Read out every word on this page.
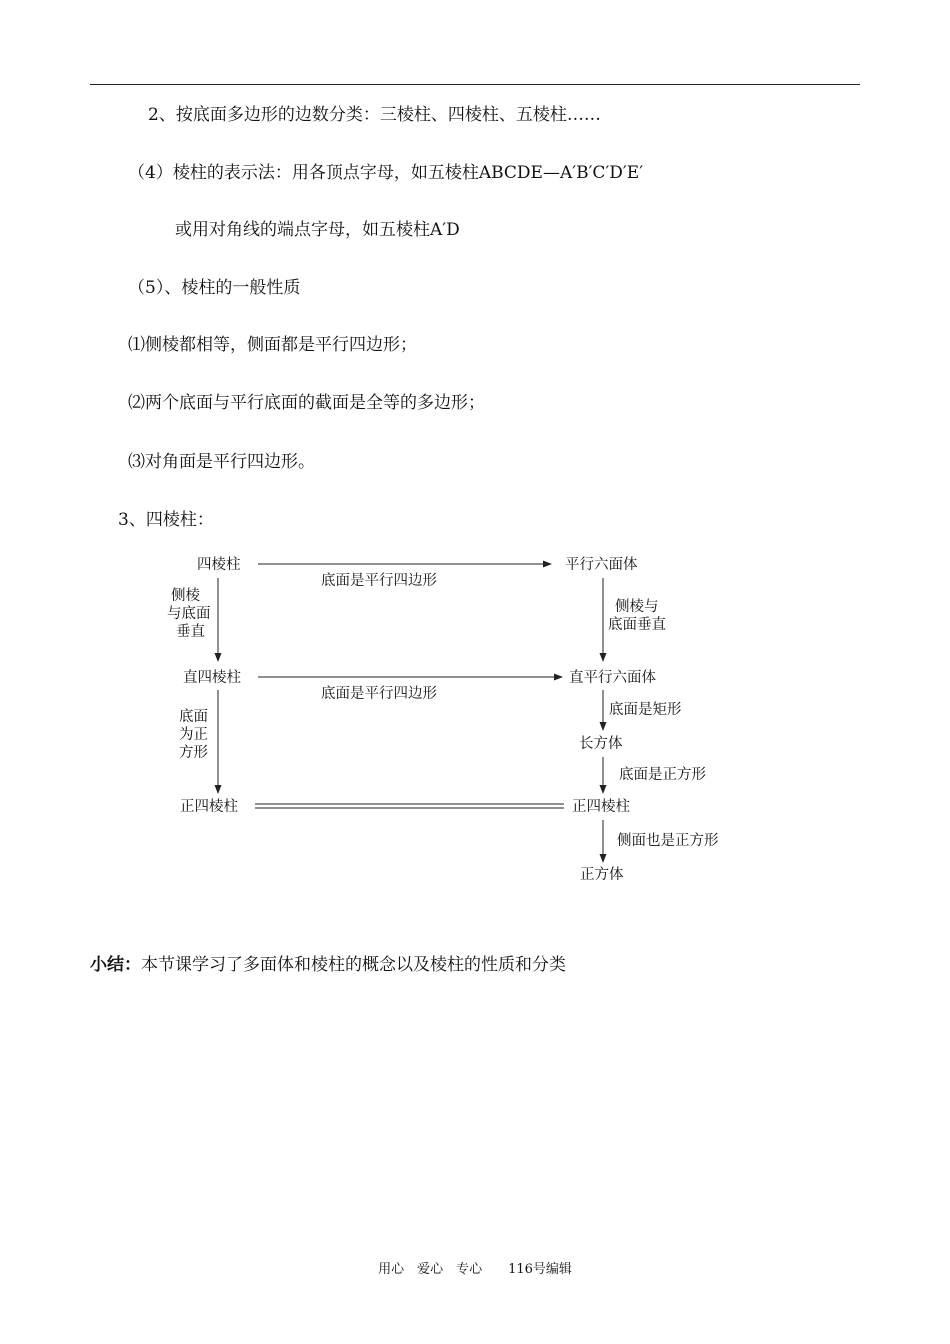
2、按底面多边形的边数分类：三棱柱、四棱柱、五棱柱……
（4）棱柱的表示法：用各顶点字母，如五棱柱ABCDE—A′B′C′D′E′
或用对角线的端点字母，如五棱柱A′D
（5）、棱柱的一般性质
⑴侧棱都相等，侧面都是平行四边形；
⑵两个底面与平行底面的截面是全等的多边形；
⑶对角面是平行四边形。
3、四棱柱：
四棱柱
直四棱柱
正四棱柱
平行六面体
直平行六面体
长方体
正四棱柱
正方体
底面是平行四边形
底面是平行四边形
侧棱
与底面
垂直
底面
为正
方形
侧棱与
底面垂直
底面是矩形
底面是正方形
侧面也是正方形
小结：本节课学习了多面体和棱柱的概念以及棱柱的性质和分类
用心　爱心　专心　　116号编辑
